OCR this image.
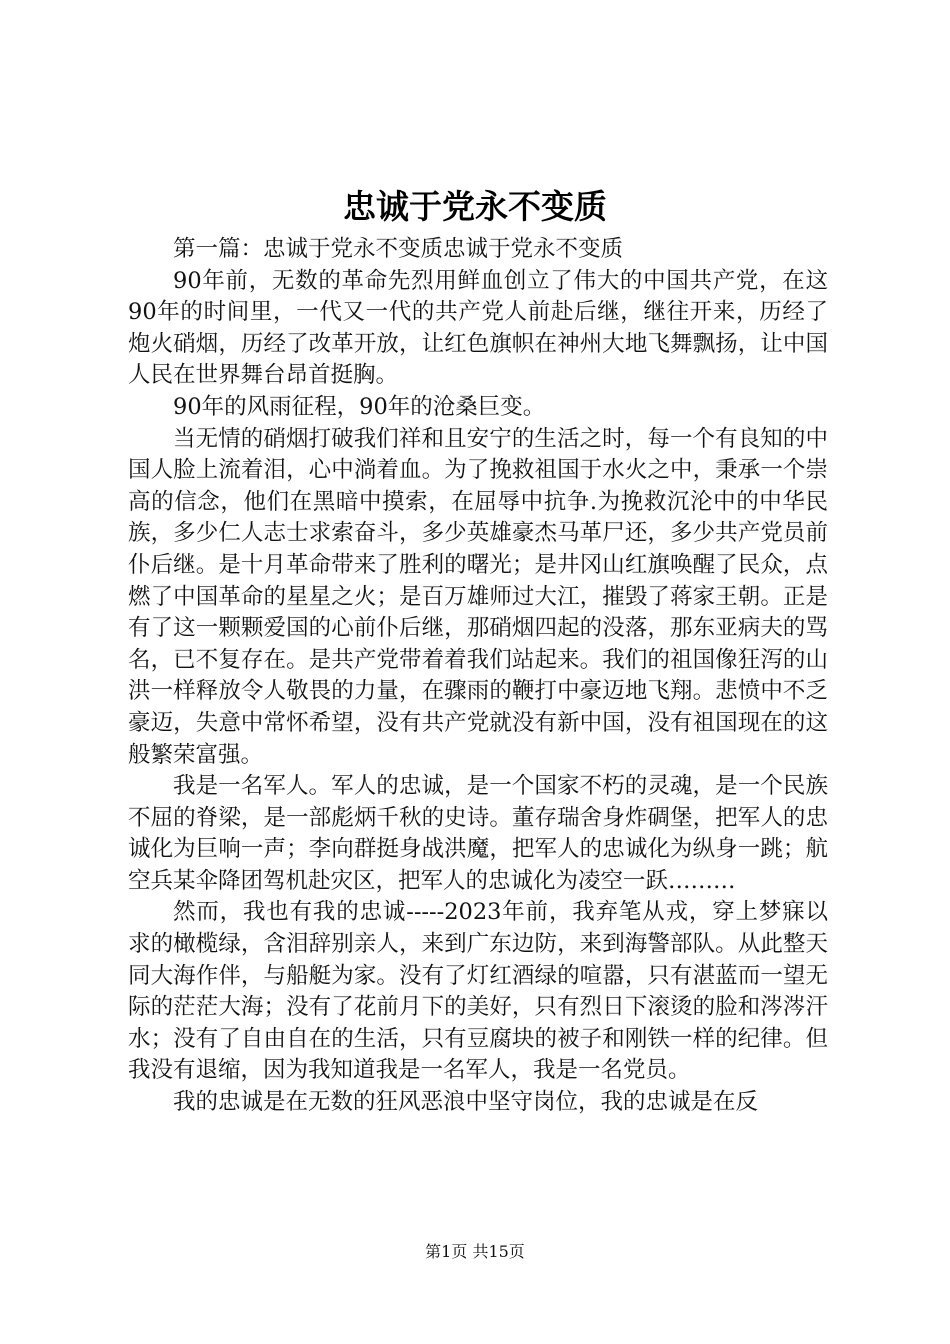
忠诚于党永不变质

第一篇：忠诚于党永不变质忠诚于党永不变质

90年前，无数的革命先烈用鲜血创立了伟大的中国共产党，在这90年的时间里，一代又一代的共产党人前赴后继，继往开来，历经了炮火硝烟，历经了改革开放，让红色旗帜在神州大地飞舞飘扬，让中国人民在世界舞台昂首挺胸。

90年的风雨征程，90年的沧桑巨变。

当无情的硝烟打破我们祥和且安宁的生活之时，每一个有良知的中国人脸上流着泪，心中淌着血。为了挽救祖国于水火之中，秉承一个崇高的信念，他们在黑暗中摸索，在屈辱中抗争.为挽救沉沦中的中华民族，多少仁人志士求索奋斗，多少英雄豪杰马革尸还，多少共产党员前仆后继。是十月革命带来了胜利的曙光；是井冈山红旗唤醒了民众，点燃了中国革命的星星之火；是百万雄师过大江，摧毁了蒋家王朝。正是有了这一颗颗爱国的心前仆后继，那硝烟四起的没落，那东亚病夫的骂名，已不复存在。是共产党带着着我们站起来。我们的祖国像狂泻的山洪一样释放令人敬畏的力量，在骤雨的鞭打中豪迈地飞翔。悲愤中不乏豪迈，失意中常怀希望，没有共产党就没有新中国，没有祖国现在的这般繁荣富强。

我是一名军人。军人的忠诚，是一个国家不朽的灵魂，是一个民族不屈的脊梁，是一部彪炳千秋的史诗。董存瑞舍身炸碉堡，把军人的忠诚化为巨响一声；李向群挺身战洪魔，把军人的忠诚化为纵身一跳；航空兵某伞降团驾机赴灾区，把军人的忠诚化为凌空一跃………

然而，我也有我的忠诚-----2023年前，我弃笔从戎，穿上梦寐以求的橄榄绿，含泪辞别亲人，来到广东边防，来到海警部队。从此整天同大海作伴，与船艇为家。没有了灯红酒绿的喧嚣，只有湛蓝而一望无际的茫茫大海；没有了花前月下的美好，只有烈日下滚烫的脸和涔涔汗水；没有了自由自在的生活，只有豆腐块的被子和刚铁一样的纪律。但我没有退缩，因为我知道我是一名军人，我是一名党员。

我的忠诚是在无数的狂风恶浪中坚守岗位，我的忠诚是在反

第1页 共15页
